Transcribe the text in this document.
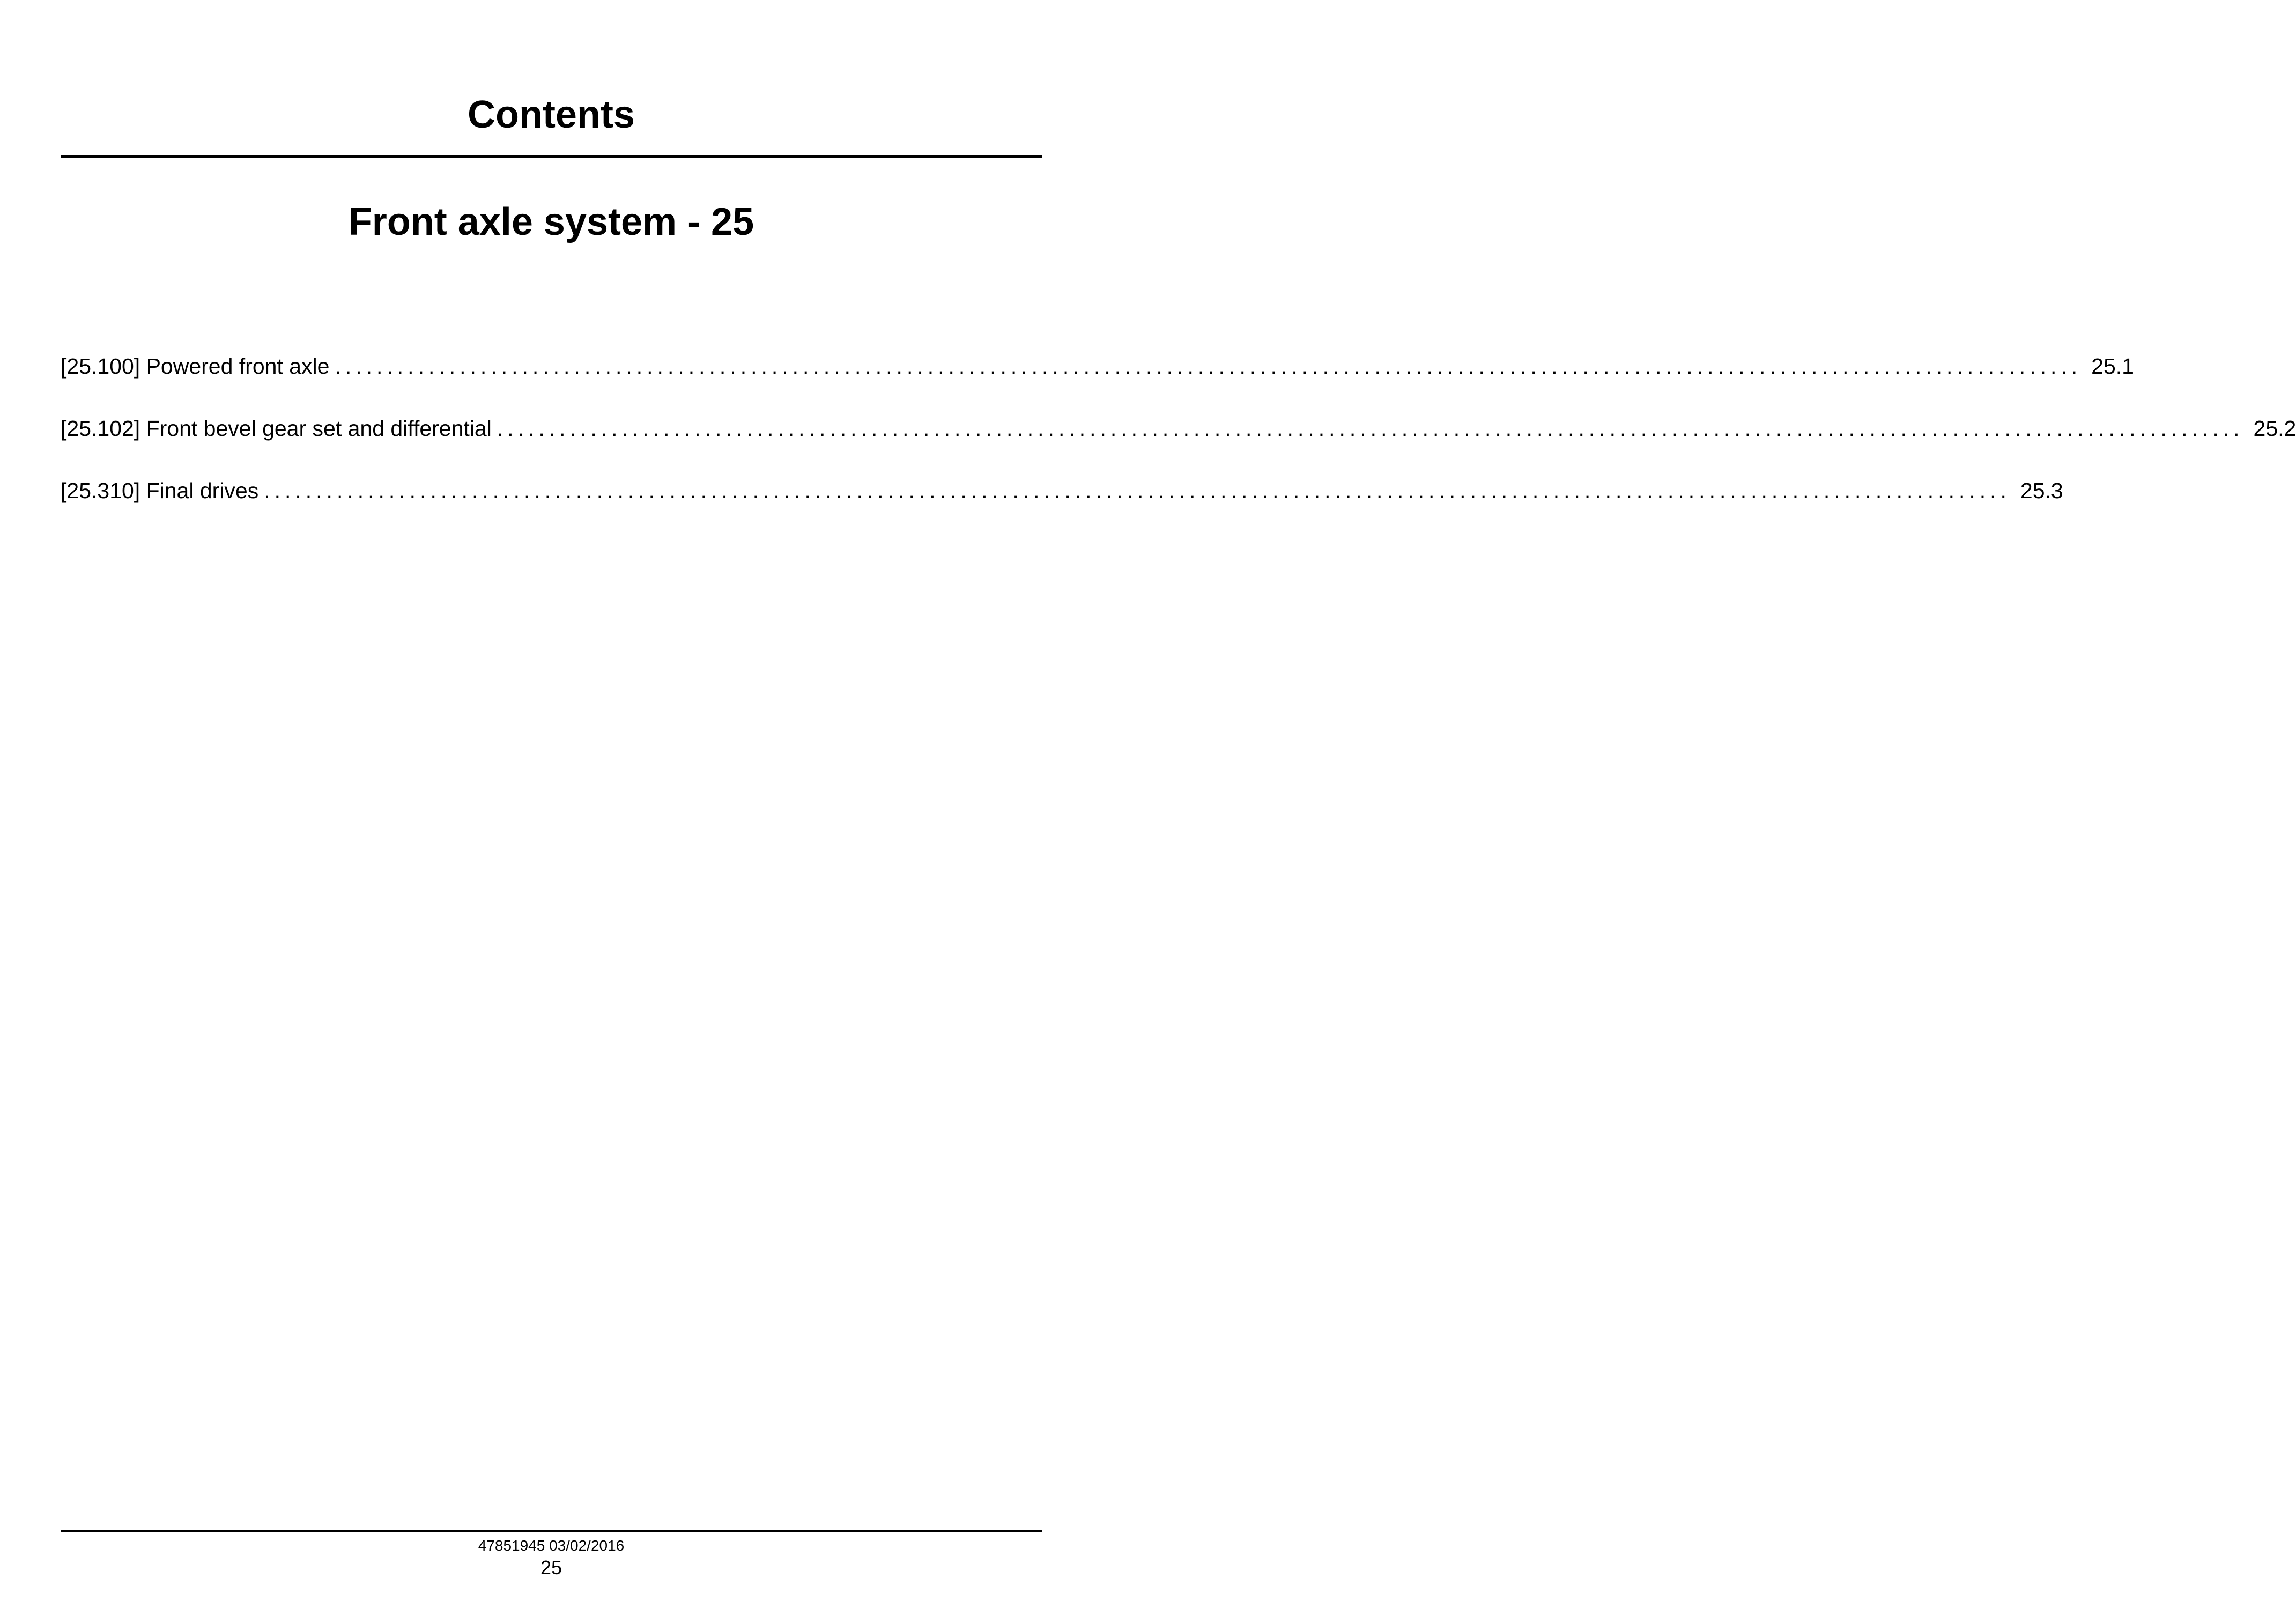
Contents
Front axle system - 25
[25.100] Powered front axle ........................................................................................................................................................................ 25.1
[25.102] Front bevel gear set and differential ........................................................................................................................................................................ 25.2
[25.310] Final drives ........................................................................................................................................................................ 25.3
47851945 03/02/2016
25
